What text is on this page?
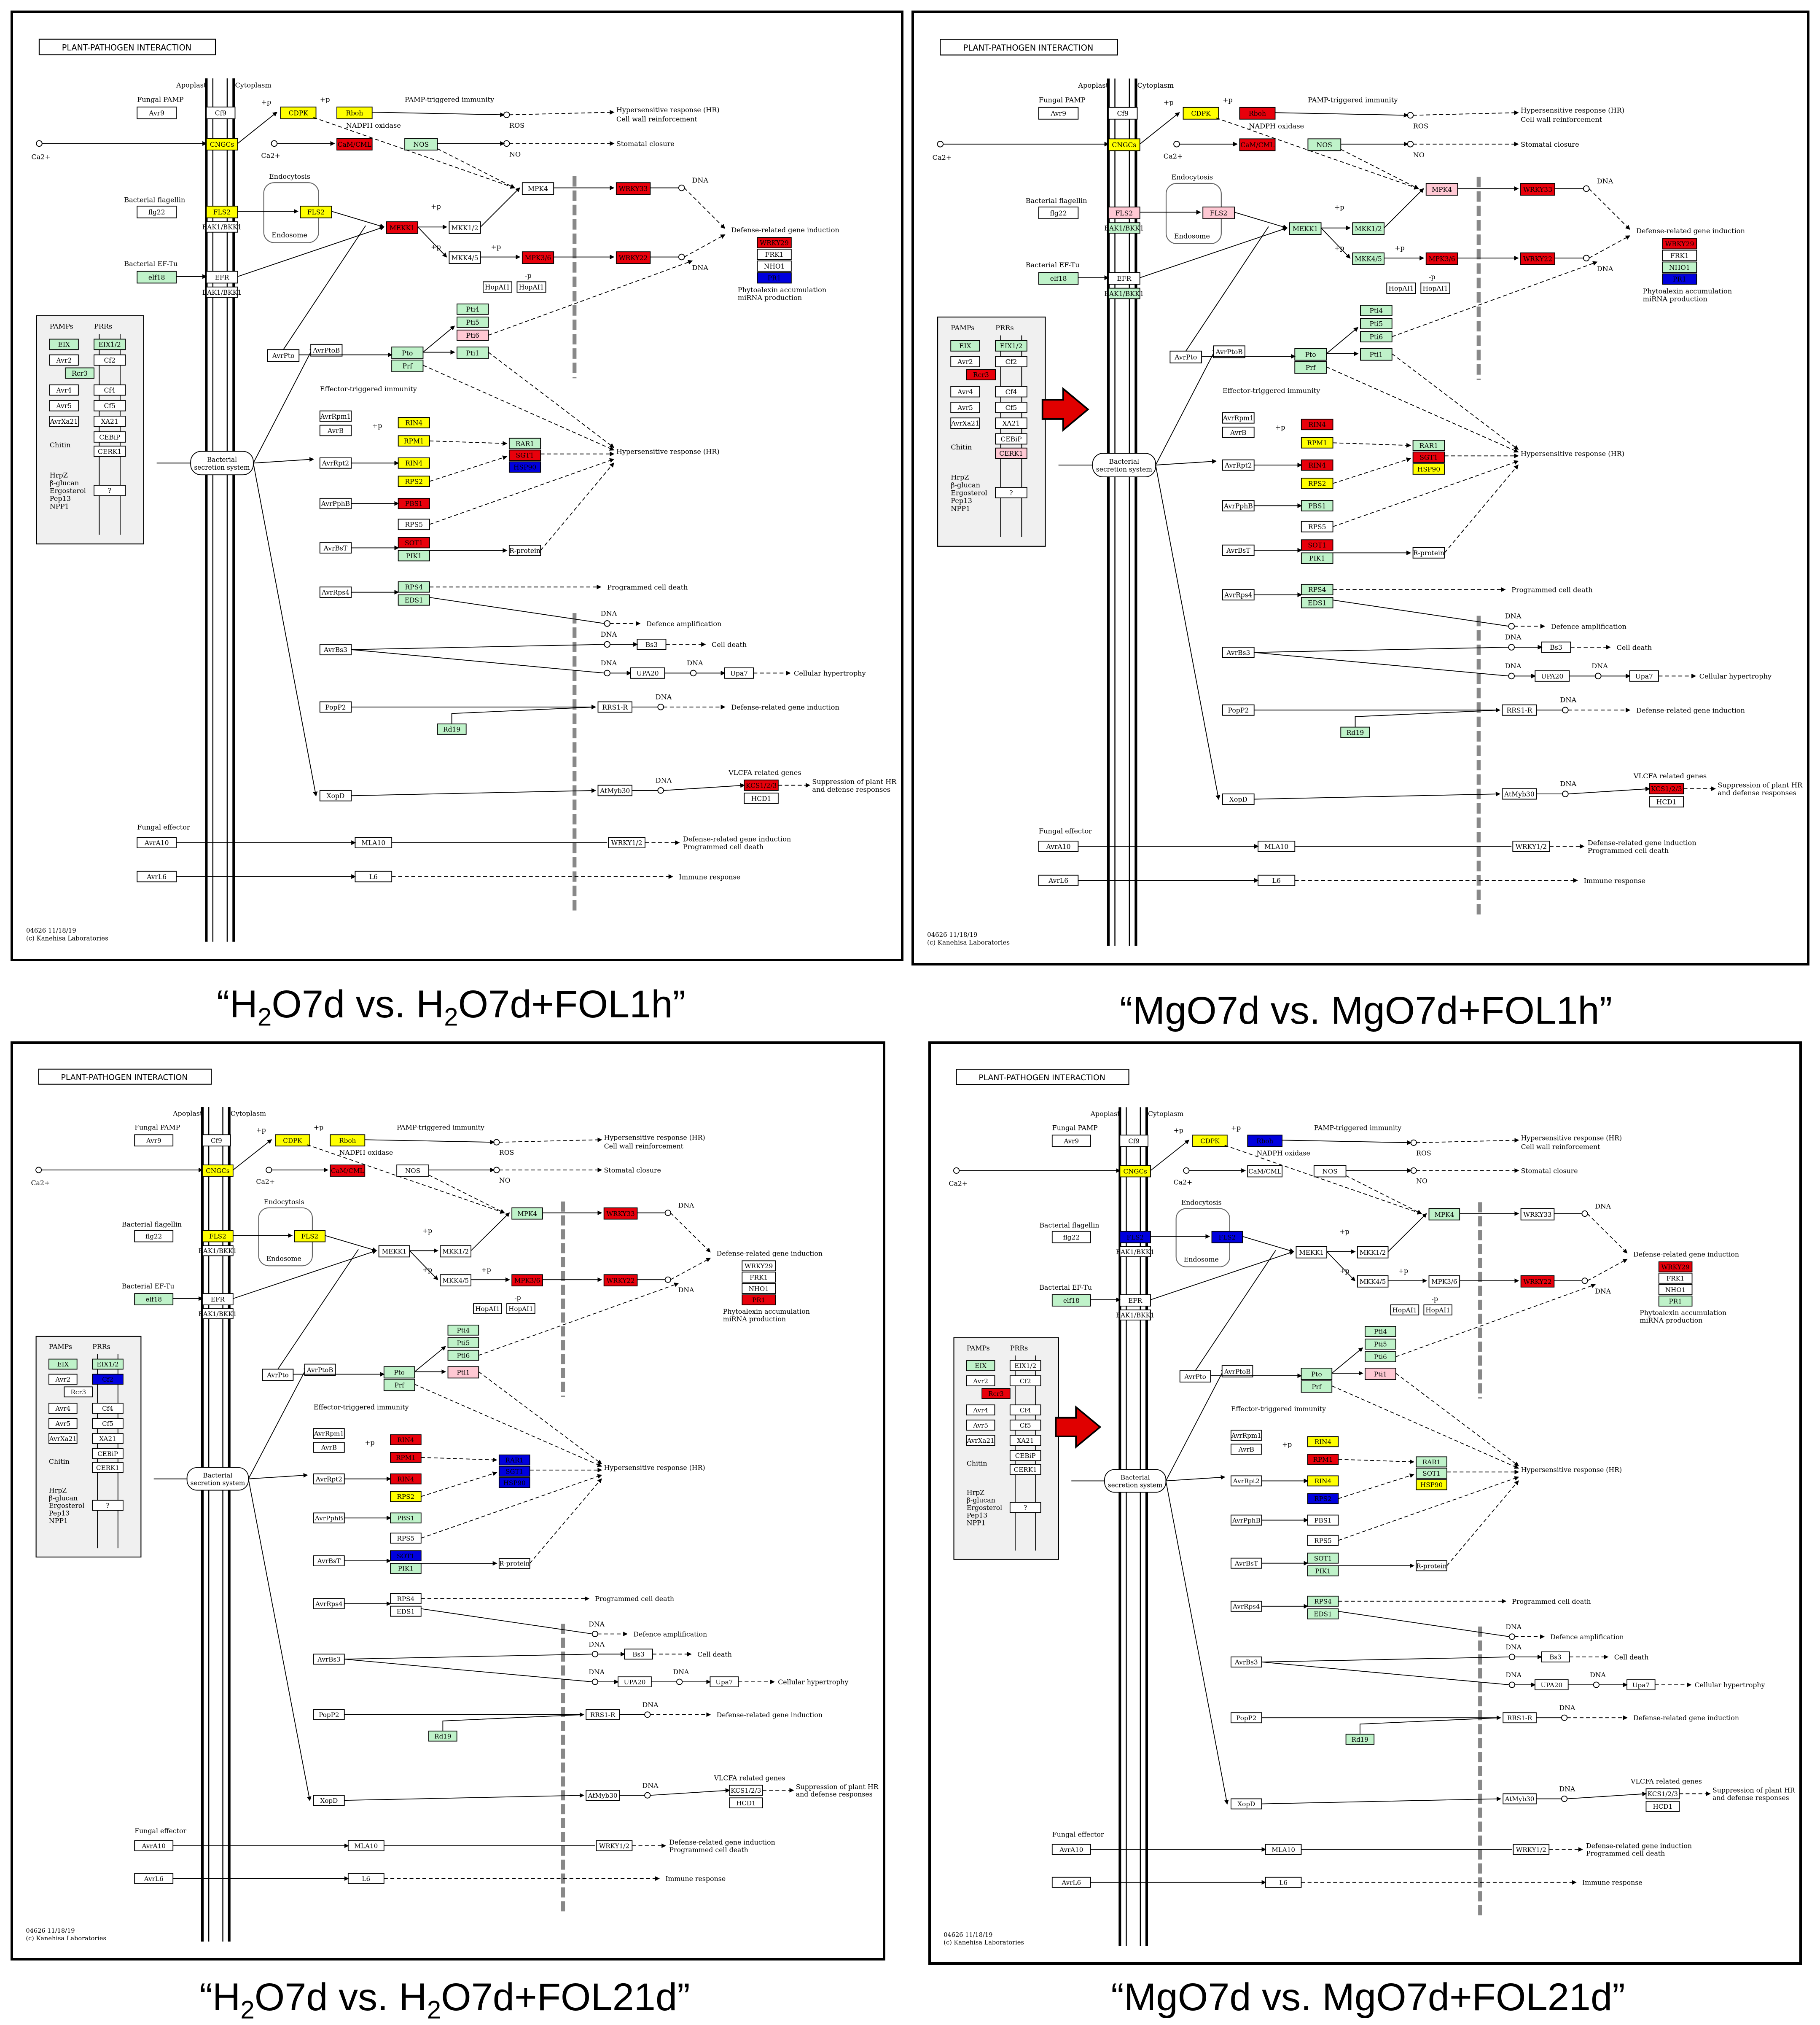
PLANT-PATHOGEN INTERACTION
Apoplast	Cytoplasm
Fungal PAMP
Avr9	Cf9	CDPK	Rboh
+p	+p	PAMP-triggered immunity
NADPH oxidase	ROS
Hypersensitive response (HR)
Cell wall reinforcement
Ca2+
CNGCs
Ca2+
CaM/CML	NOS
NO
Stomatal closure
Bacterial flagellin
flg22	FLS2
BAK1/BKK1
Endocytosis
Endosome
FLS2
MEKK1	MKK1/2
MKK4/5
MPK4
MPK3/6
WRKY33
WRKY22
DNA
DNA
HopAI1	HopAI1
-p
+p
+p	+p
Defense-related gene induction
WRKY29
FRK1
NHO1
PR1
Phytoalexin accumulation
miRNA production
Bacterial EF-Tu
elf18	EFR
BAK1/BKK1
PAMPs	PRRs
EIX	EIX1/2
Avr2	Cf2
Rcr3
Avr4	Cf4
Avr5	Cf5
AvrXa21	XA21
Chitin
CEBiP
CERK1
HrpZ
β-glucan
Ergosterol
Pep13
NPP1
?
Bacterial
secretion system
AvrPto
AvrPtoB	Pto
Prf
Pti1
Pti4
Pti5
Pti6
Effector-triggered immunity
AvrRpm1
AvrB
RIN4
RPM1
AvrRpt2	RIN4
RPS2
RAR1
SGT1
HSP90
+p
Hypersensitive response (HR)
AvrPphB	PBS1
RPS5
AvrBsT
SOT1
PIK1
R-protein
AvrRps4
RPS4
EDS1
Programmed cell death
DNA
Defence amplification
AvrBs3
DNA
Bs3	Cell death
DNA
UPA20
DNA
Upa7	Cellular hypertrophy
PopP2	RRS1-R
DNA
Rd19
Defense-related gene induction
XopD
AtMyb30
DNA
VLCFA related genes
KCS1/2/3
HCD1
Suppression of plant HR
and defense responses
Fungal effector
AvrA10	MLA10	WRKY1/2	Defense-related gene induction
Programmed cell death
AvrL6	L6	Immune response
04626 11/18/19
(c) Kanehisa Laboratories
“$H_2O7d$ vs. $H_2O7d+FOL1h$”
PLANT-PATHOGEN INTERACTION
Apoplast	Cytoplasm
Fungal PAMP
Avr9	Cf9	CDPK	Rboh
+p	+p	PAMP-triggered immunity
NADPH oxidase	ROS
Hypersensitive response (HR)
Cell wall reinforcement
Ca2+
CNGCs
Ca2+
CaM/CML	NOS
NO
Stomatal closure
Bacterial flagellin
flg22	FLS2
BAK1/BKK1
Endocytosis
Endosome
FLS2
MEKK1	MKK1/2
MKK4/5
MPK4
MPK3/6
WRKY33
WRKY22
DNA
DNA
HopAI1	HopAI1
-p
+p
+p	+p
Defense-related gene induction
WRKY29
FRK1
NHO1
PR1
Phytoalexin accumulation
miRNA production
Bacterial EF-Tu
elf18	EFR
BAK1/BKK1
PAMPs	PRRs
EIX	EIX1/2
Avr2	Cf2
Rcr3
Avr4	Cf4
Avr5	Cf5
AvrXa21	XA21
Chitin
CEBiP
CERK1
HrpZ
β-glucan
Ergosterol
Pep13
NPP1
?
Bacterial
secretion system
AvrPto
AvrPtoB	Pto
Prf
Pti1
Pti4
Pti5
Pti6
Effector-triggered immunity
AvrRpm1
AvrB
RIN4
RPM1
AvrRpt2	RIN4
RPS2
RAR1
SGT1
HSP90
+p
Hypersensitive response (HR)
AvrPphB	PBS1
RPS5
AvrBsT
SOT1
PIK1
R-protein
AvrRps4
RPS4
EDS1
Programmed cell death
DNA
Defence amplification
AvrBs3
DNA
Bs3	Cell death
DNA
UPA20
DNA
Upa7	Cellular hypertrophy
PopP2	RRS1-R
DNA
Rd19
Defense-related gene induction
XopD
AtMyb30
DNA
VLCFA related genes
KCS1/2/3
HCD1
Suppression of plant HR
and defense responses
Fungal effector
AvrA10	MLA10	WRKY1/2
Defense-related gene induction
Programmed cell death
AvrL6	L6	Immune response
04626 11/18/19
(c) Kanehisa Laboratories
“MgO7d vs. MgO7d+FOL1h”
PLANT-PATHOGEN INTERACTION
Apoplast	Cytoplasm
Fungal PAMP
Avr9	Cf9	CDPK	Rboh
+p	+p	PAMP-triggered immunity
NADPH oxidase	ROS
Hypersensitive response (HR)
Cell wall reinforcement
Ca2+
CNGCs
Ca2+
CaM/CML	NOS
NO
Stomatal closure
Bacterial flagellin
flg22	FLS2
BAK1/BKK1
Endocytosis
Endosome
FLS2
MEKK1	MKK1/2
MKK4/5
MPK4
MPK3/6
WRKY33
WRKY22
DNA
DNA
HopAI1	HopAI1
-p
+p
+p	+p
Defense-related gene induction
WRKY29
FRK1
NHO1
PR1
Phytoalexin accumulation
miRNA production
Bacterial EF-Tu
elf18	EFR
BAK1/BKK1
PAMPs	PRRs
EIX	EIX1/2
Avr2	Cf2
Rcr3
Avr4	Cf4
Avr5	Cf5
AvrXa21	XA21
Chitin
CEBiP
CERK1
HrpZ
β-glucan
Ergosterol
Pep13
NPP1
?
Bacterial
secretion system
AvrPto
AvrPtoB	Pto
Prf
Pti1
Pti4
Pti5
Pti6
Effector-triggered immunity
AvrRpm1
AvrB
RIN4
RPM1
AvrRpt2	RIN4
RPS2
RAR1
SGT1
HSP90
+p
Hypersensitive response (HR)
AvrPphB	PBS1
RPS5
AvrBsT
SOT1
PIK1
R-protein
AvrRps4
RPS4
EDS1
Programmed cell death
DNA
Defence amplification
AvrBs3
DNA
Bs3	Cell death
DNA
UPA20
DNA
Upa7	Cellular hypertrophy
PopP2	RRS1-R
DNA
Rd19
Defense-related gene induction
XopD
AtMyb30
DNA
VLCFA related genes
KCS1/2/3
HCD1
Suppression of plant HR
and defense responses
Fungal effector
AvrA10	MLA10	WRKY1/2	Defense-related gene induction
Programmed cell death
AvrL6	L6	Immune response
04626 11/18/19
(c) Kanehisa Laboratories
“$H_2O7d$ vs. $H_2O7d+FOL21d$”
PLANT-PATHOGEN INTERACTION
Apoplast	Cytoplasm
Fungal PAMP
Avr9	Cf9	CDPK	Rboh
+p	+p	PAMP-triggered immunity
NADPH oxidase	ROS
Hypersensitive response (HR)
Cell wall reinforcement
Ca2+
CNGCs
Ca2+
CaM/CML	NOS
NO
Stomatal closure
Bacterial flagellin
flg22	FLS2
BAK1/BKK1
Endocytosis
Endosome
FLS2
MEKK1	MKK1/2
MKK4/5
MPK4
MPK3/6
WRKY33
WRKY22
DNA
DNA
HopAI1	HopAI1
-p
+p
+p	+p
Defense-related gene induction
WRKY29
FRK1
NHO1
PR1
Phytoalexin accumulation
miRNA production
Bacterial EF-Tu
elf18	EFR
BAK1/BKK1
PAMPs	PRRs
EIX	EIX1/2
Avr2	Cf2
Rcr3
Avr4	Cf4
Avr5	Cf5
AvrXa21	XA21
Chitin
CEBiP
CERK1
HrpZ
β-glucan
Ergosterol
Pep13
NPP1
?
Bacterial
secretion system
AvrPto
AvrPtoB	Pto
Prf
Pti1
Pti4
Pti5
Pti6
Effector-triggered immunity
AvrRpm1
AvrB
RIN4
RPM1
AvrRpt2	RIN4
RPS2
RAR1
SOT1
HSP90
+p
Hypersensitive response (HR)
AvrPphB	PBS1
RPS5
AvrBsT
SOT1
PIK1
R-protein
AvrRps4
RPS4
EDS1
Programmed cell death
DNA
Defence amplification
AvrBs3
DNA
Bs3	Cell death
DNA
UPA20
DNA
Upa7	Cellular hypertrophy
PopP2	RRS1-R
DNA
Rd19
Defense-related gene induction
XopD
AtMyb30
DNA
VLCFA related genes
KCS1/2/3
HCD1
Suppression of plant HR
and defense responses
Fungal effector
AvrA10	MLA10	WRKY1/2	Defense-related gene induction
Programmed cell death
AvrL6	L6	Immune response
04626 11/18/19
(c) Kanehisa Laboratories
“MgO7d vs. MgO7d+FOL21d”
